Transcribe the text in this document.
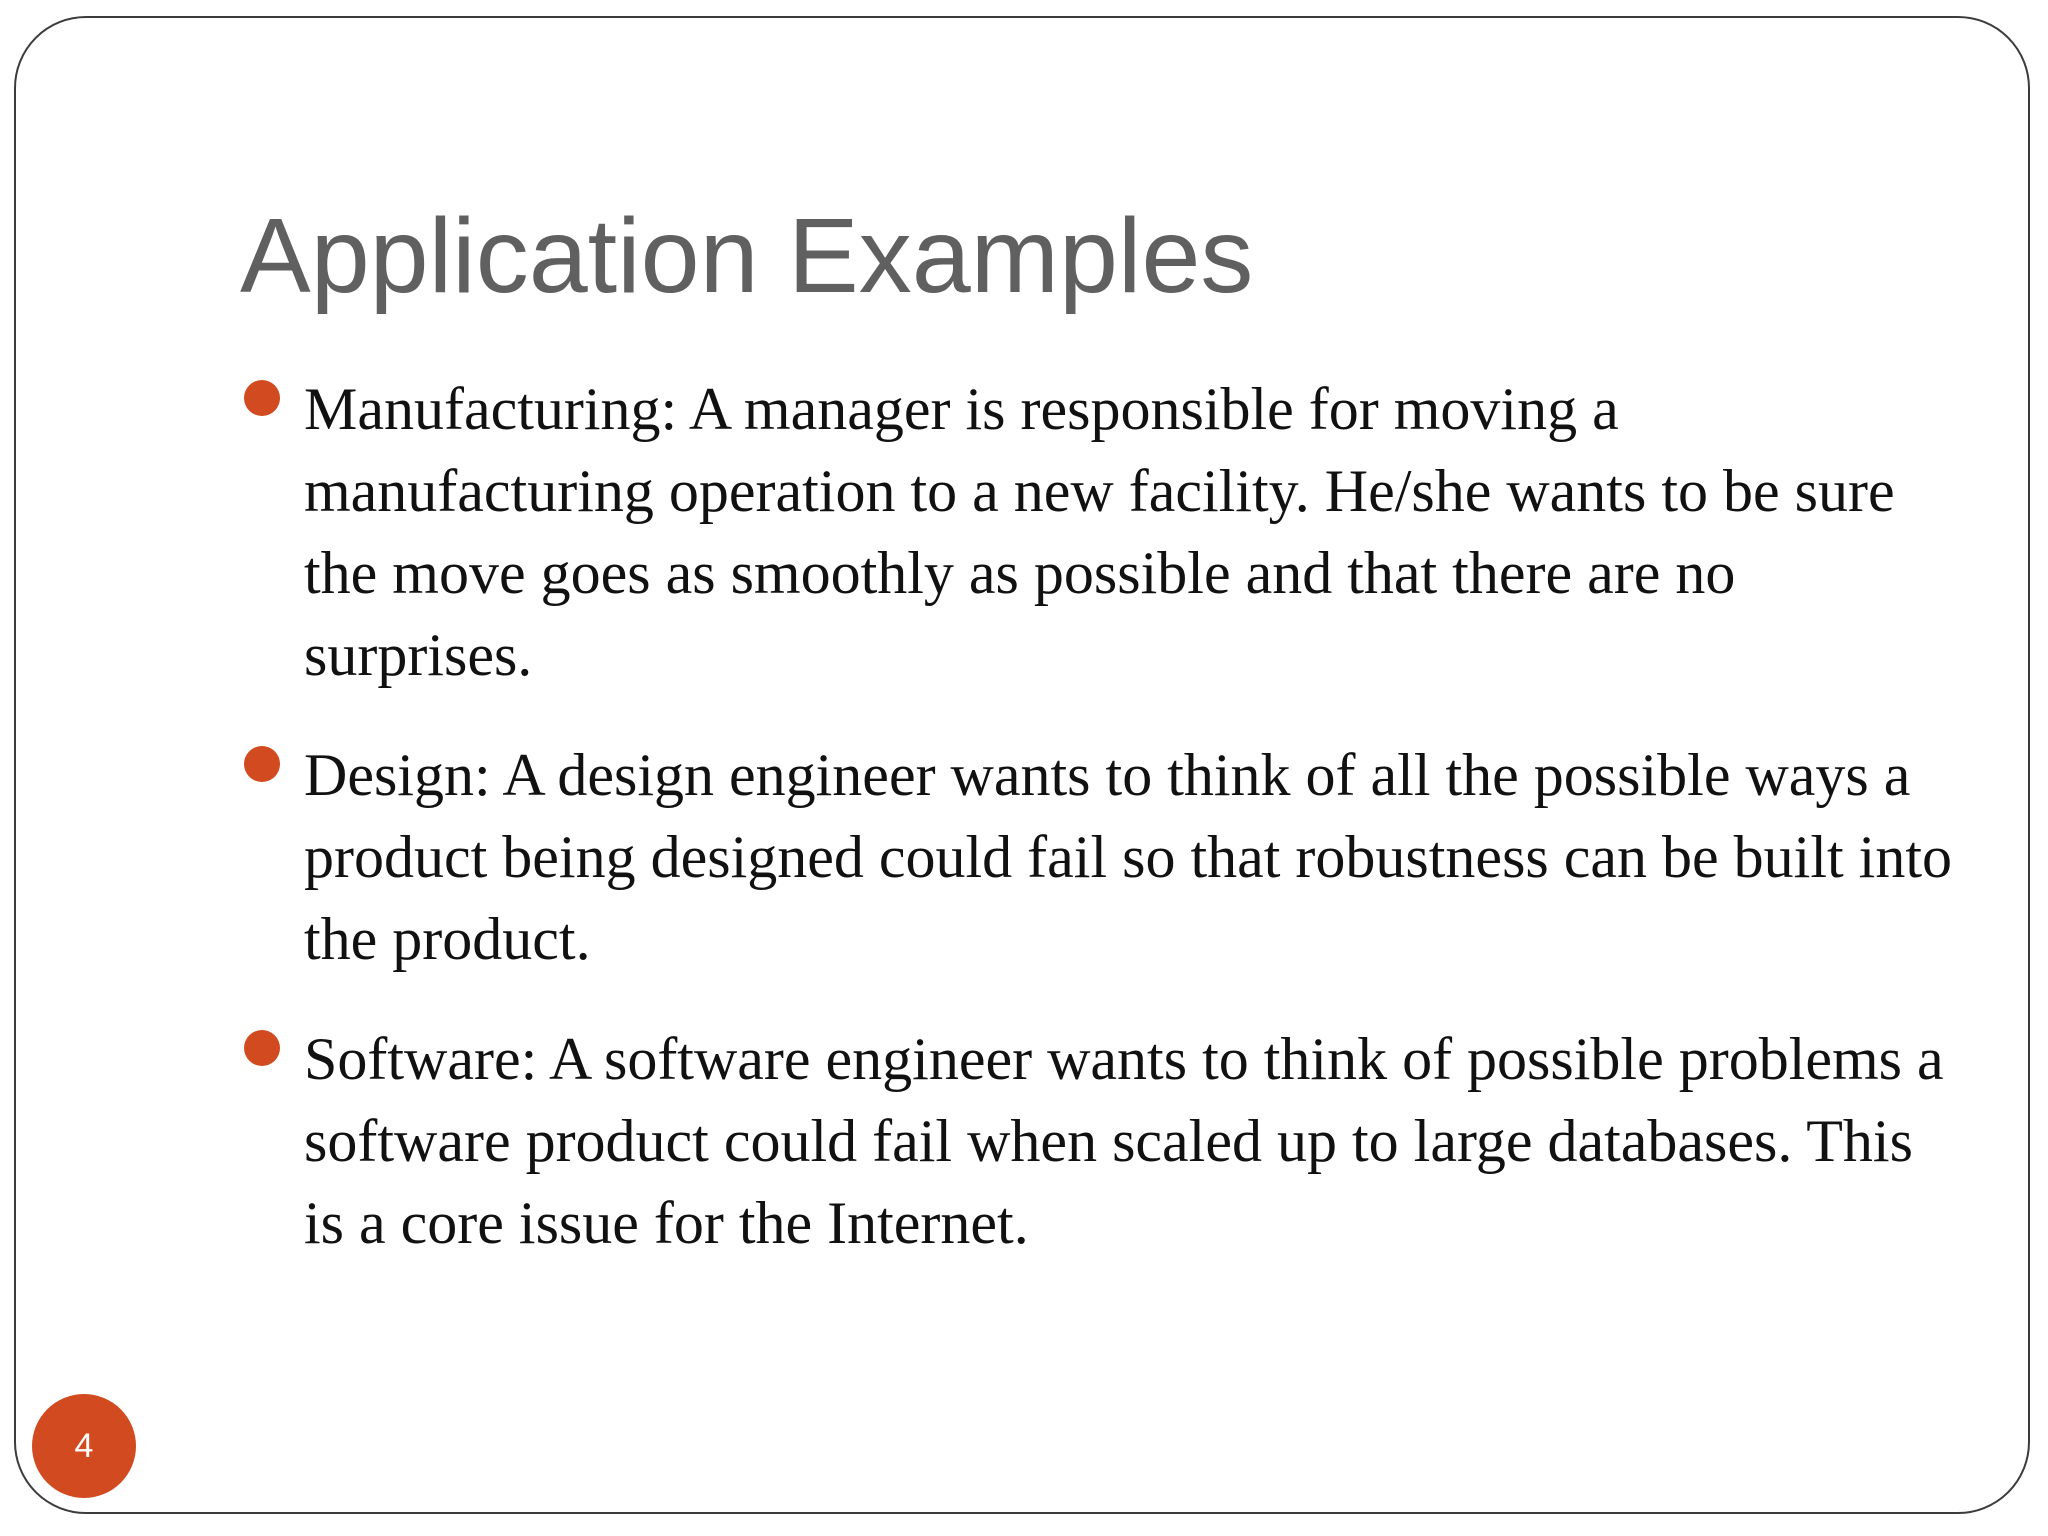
Application Examples
Manufacturing: A manager is responsible for moving a manufacturing operation to a new facility. He/she wants to be sure the move goes as smoothly as possible and that there are no surprises.
Design: A design engineer wants to think of all the possible ways a product being designed could fail so that robustness can be built into the product.
Software: A software engineer wants to think of possible problems a software product could fail when scaled up to large databases. This is a core issue for the Internet.
4
